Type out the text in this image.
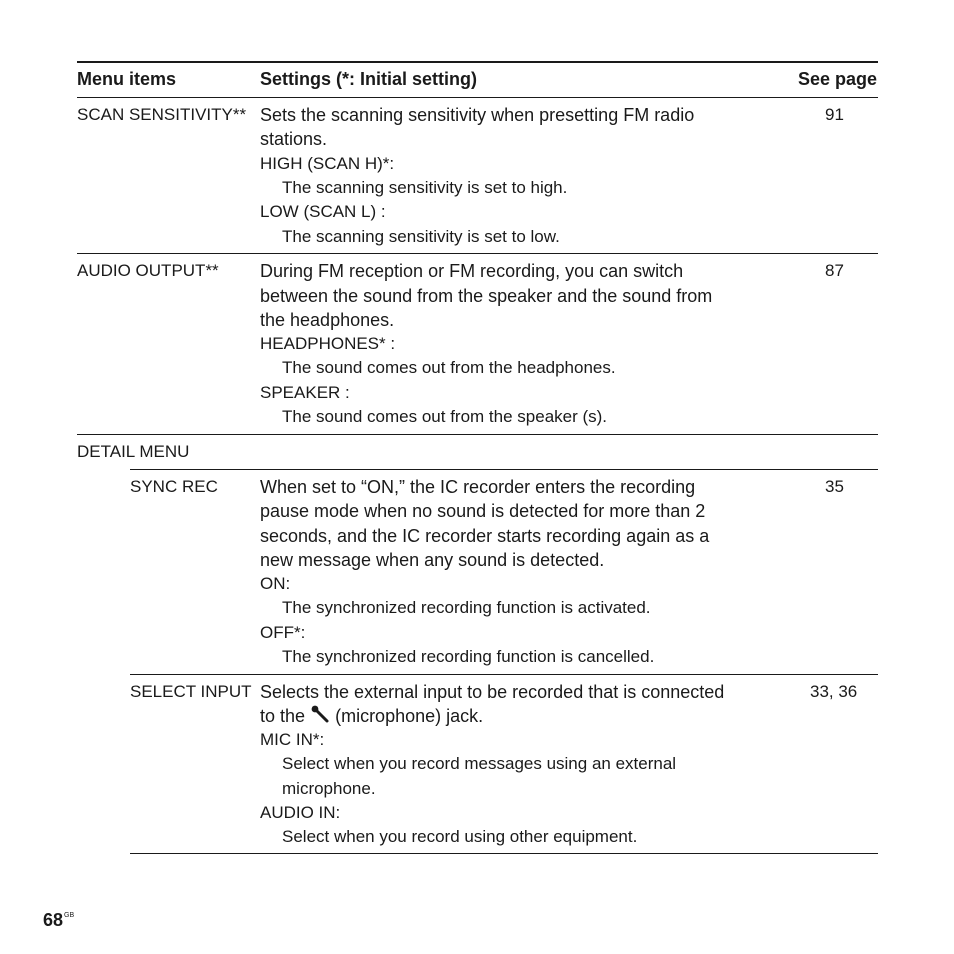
Menu items	Settings (*: Initial setting)	See page
SCAN SENSITIVITY** Sets the scanning sensitivity when presetting FM radio
stations.
HIGH (SCAN H)*:
The scanning sensitivity is set to high.
LOW (SCAN L) :
The scanning sensitivity is set to low.
91
AUDIO OUTPUT** During FM reception or FM recording, you can switch
between the sound from the speaker and the sound from
the headphones.
HEADPHONES* :
The sound comes out from the headphones.
SPEAKER :
The sound comes out from the speaker (s).
87
DETAIL MENU
SYNC REC When set to “ON,” the IC recorder enters the recording
pause mode when no sound is detected for more than 2
seconds, and the IC recorder starts recording again as a
new message when any sound is detected.
ON:
The synchronized recording function is activated.
OFF*:
The synchronized recording function is cancelled.
35
SELECT INPUT Selects the external input to be recorded that is connected
to the (microphone) jack.
MIC IN*:
Select when you record messages using an external
microphone.
AUDIO IN:
Select when you record using other equipment.
33, 36
$68^{GB}$
